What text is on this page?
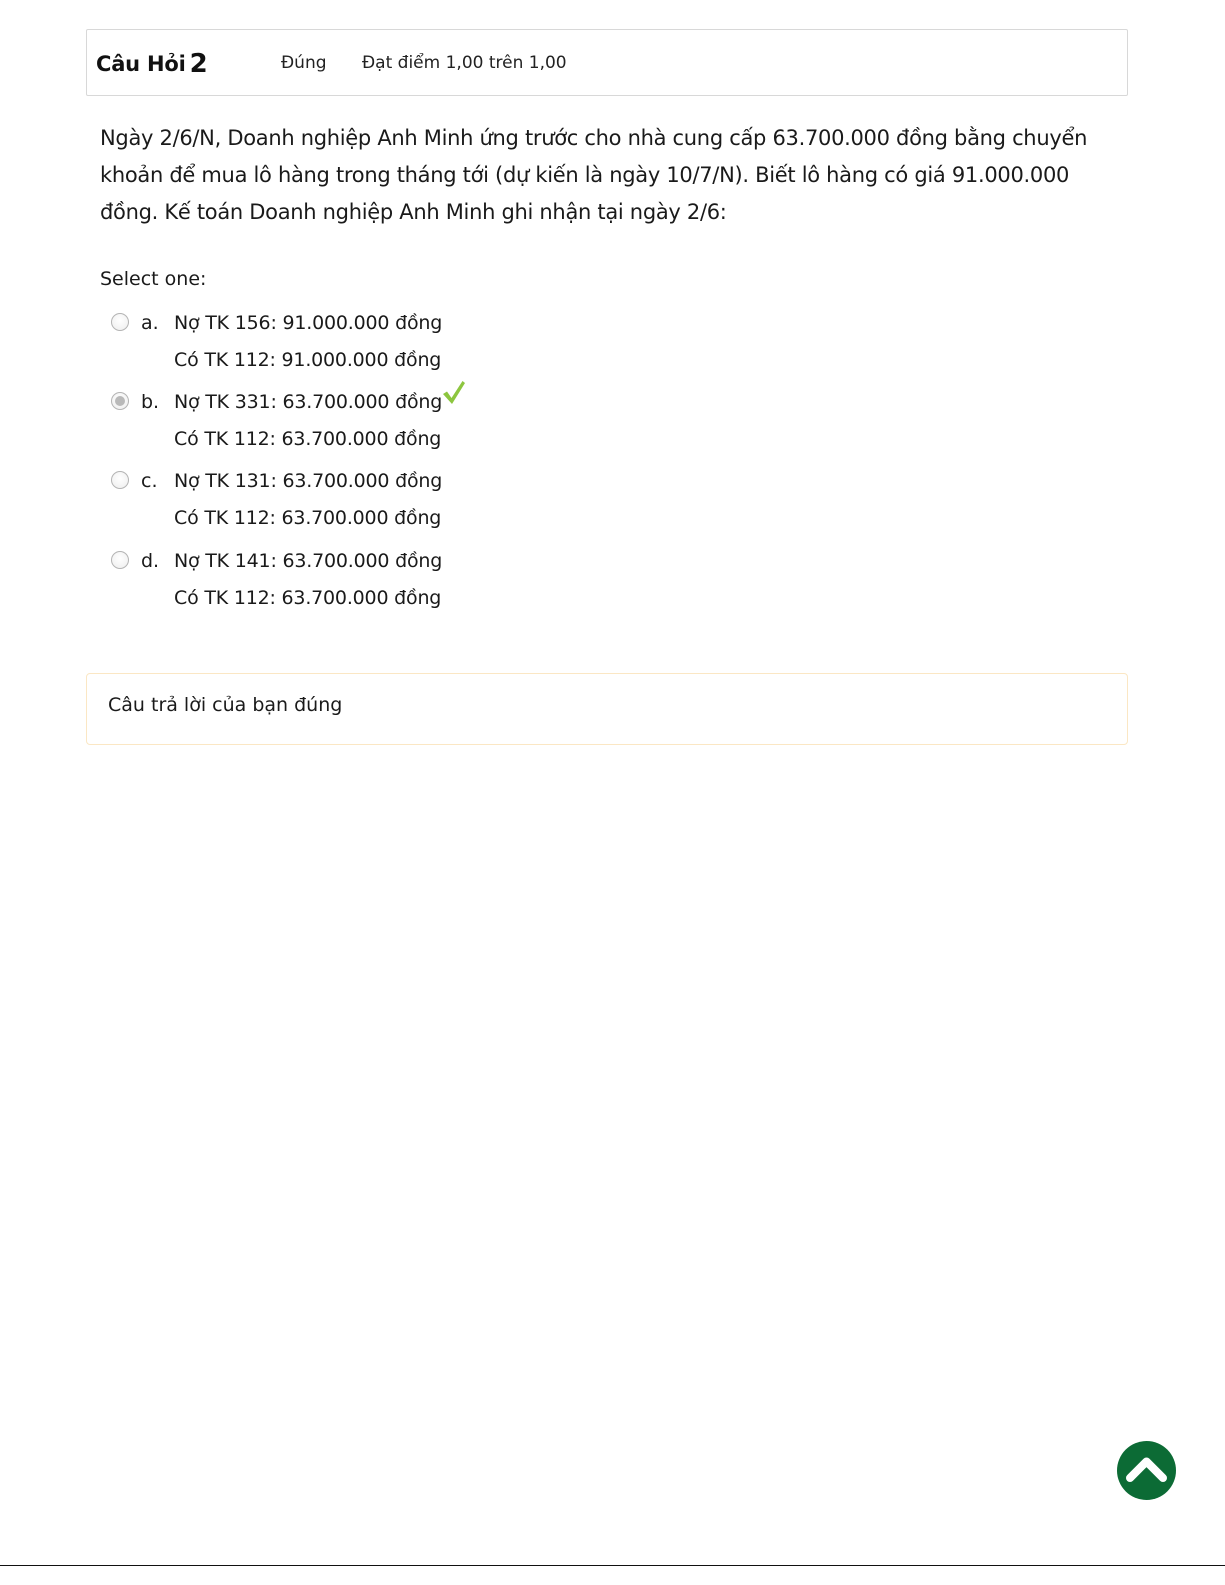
Câu Hỏi 2	Đúng Đạt điểm 1,00 trên 1,00
Ngày 2/6/N, Doanh nghiệp Anh Minh ứng trước cho nhà cung cấp 63.700.000 đồng bằng chuyển khoản để mua lô hàng trong tháng tới (dự kiến là ngày 10/7/N). Biết lô hàng có giá 91.000.000 đồng. Kế toán Doanh nghiệp Anh Minh ghi nhận tại ngày 2/6:
Select one:
a. Nợ TK 156: 91.000.000 đồng
Có TK 112: 91.000.000 đồng
b. Nợ TK 331: 63.700.000 đồng
Có TK 112: 63.700.000 đồng
c. Nợ TK 131: 63.700.000 đồng
Có TK 112: 63.700.000 đồng
d. Nợ TK 141: 63.700.000 đồng
Có TK 112: 63.700.000 đồng
Câu trả lời của bạn đúng
